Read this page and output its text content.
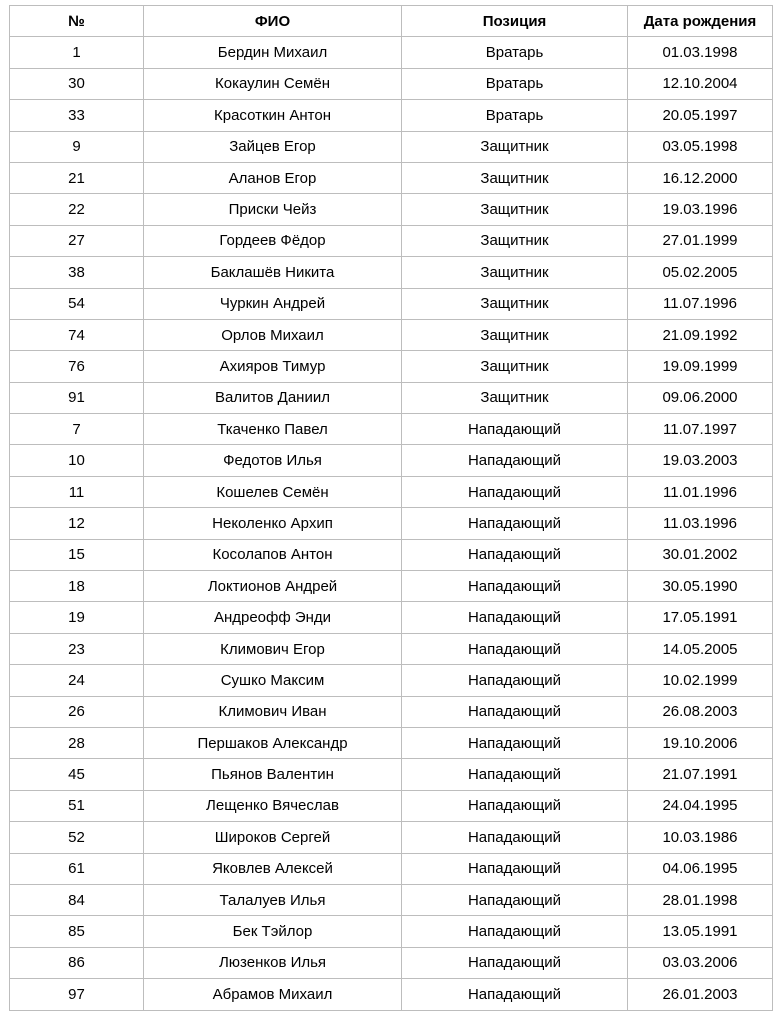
№	ФИО	Позиция	Дата рождения
1	Бердин Михаил	Вратарь	01.03.1998
30	Кокаулин Семён	Вратарь	12.10.2004
33	Красоткин Антон	Вратарь	20.05.1997
9	Зайцев Егор	Защитник	03.05.1998
21	Аланов Егор	Защитник	16.12.2000
22	Приски Чейз	Защитник	19.03.1996
27	Гордеев Фёдор	Защитник	27.01.1999
38	Баклашёв Никита	Защитник	05.02.2005
54	Чуркин Андрей	Защитник	11.07.1996
74	Орлов Михаил	Защитник	21.09.1992
76	Ахияров Тимур	Защитник	19.09.1999
91	Валитов Даниил	Защитник	09.06.2000
7	Ткаченко Павел	Нападающий	11.07.1997
10	Федотов Илья	Нападающий	19.03.2003
11	Кошелев Семён	Нападающий	11.01.1996
12	Неколенко Архип	Нападающий	11.03.1996
15	Косолапов Антон	Нападающий	30.01.2002
18	Локтионов Андрей	Нападающий	30.05.1990
19	Андреофф Энди	Нападающий	17.05.1991
23	Климович Егор	Нападающий	14.05.2005
24	Сушко Максим	Нападающий	10.02.1999
26	Климович Иван	Нападающий	26.08.2003
28	Першаков Александр	Нападающий	19.10.2006
45	Пьянов Валентин	Нападающий	21.07.1991
51	Лещенко Вячеслав	Нападающий	24.04.1995
52	Широков Сергей	Нападающий	10.03.1986
61	Яковлев Алексей	Нападающий	04.06.1995
84	Талалуев Илья	Нападающий	28.01.1998
85	Бек Тэйлор	Нападающий	13.05.1991
86	Люзенков Илья	Нападающий	03.03.2006
97	Абрамов Михаил	Нападающий	26.01.2003
